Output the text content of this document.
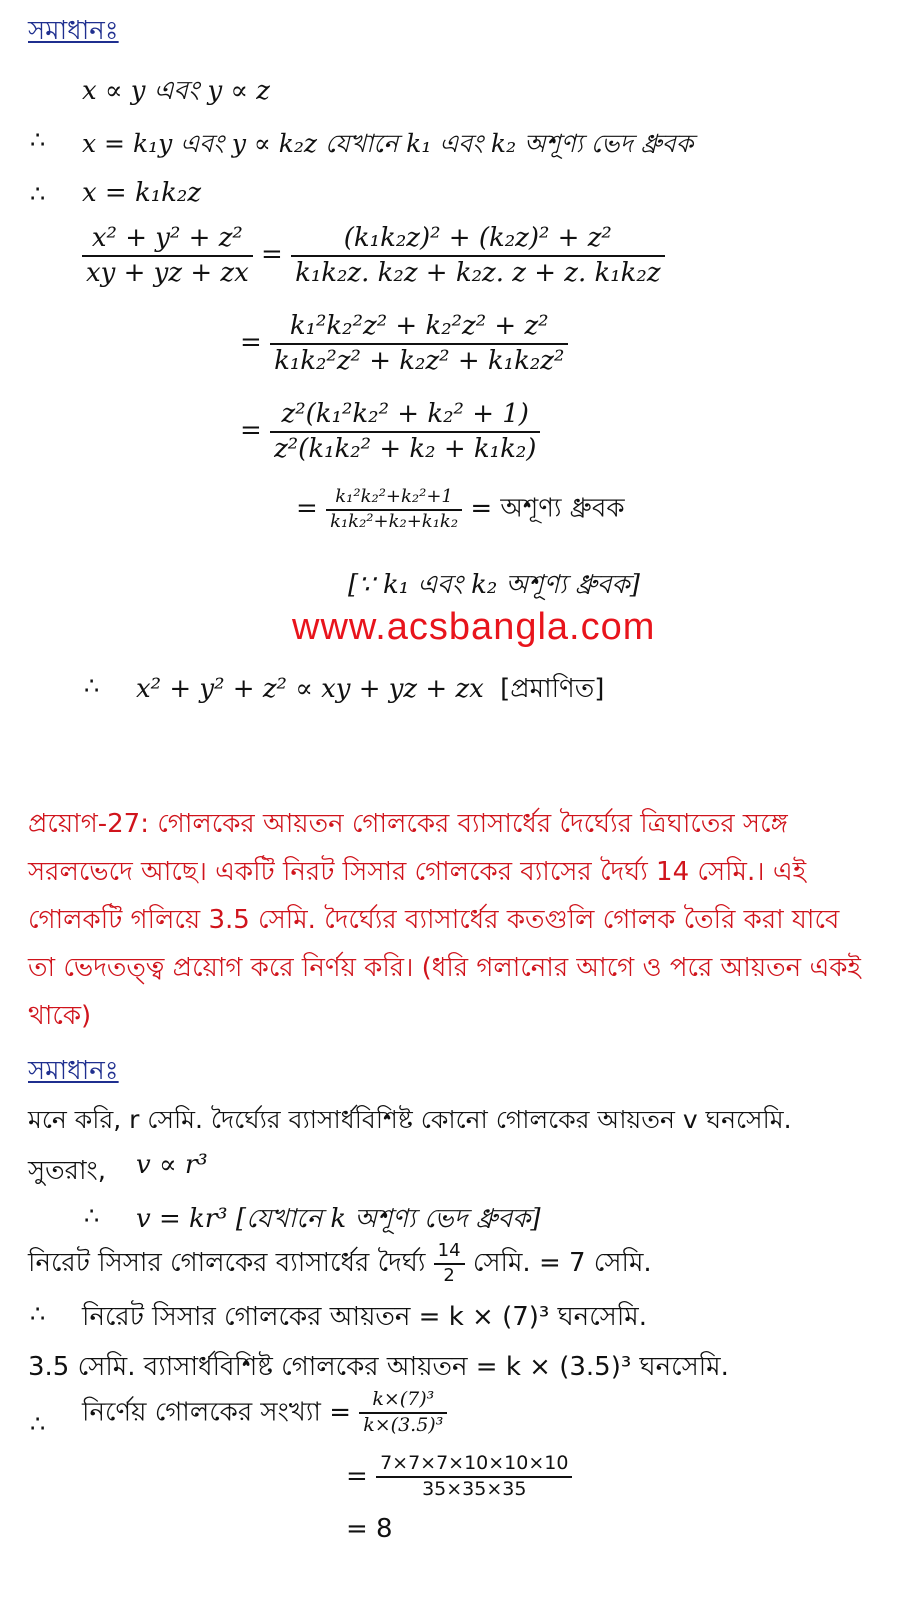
সমাধানঃ
x ∝ y এবং y ∝ z
∴ x = k₁y এবং y ∝ k₂z যেখানে k₁ এবং k₂ অশূণ্য ভেদ ধ্রুবক
∴ x = k₁k₂z
$\frac{\text{x² + y² + z²}}{xy + yz + zx} = \frac{\text{(k₁k₂z)² + (k₂z)² + z²}}{\text{k₁k₂z. k₂z + k₂z. z + z. k₁k₂z}}$
= $\frac{\text{k₁²k₂²z² + k₂²z² + z²}}{\text{k₁k₂²z² + k₂z² + k₁k₂z²}}$
= $\frac{\text{z²(k₁²k₂² + k₂² + 1)}}{\text{z²(k₁k₂² + k₂ + k₁k₂)}}$
= $\frac{\text{k₁²k₂²+k₂²+1}}{\text{k₁k₂²+k₂+k₁k₂}}$ = অশূণ্য ধ্রুবক
[∵ k₁ এবং k₂ অশূণ্য ধ্রুবক]
www.acsbangla.com
∴ x² + y² + z² ∝ xy + yz + zx [প্রমাণিত]
প্রয়োগ-27: গোলকের আয়তন গোলকের ব্যাসার্ধের দৈর্ঘ্যের ত্রিঘাতের সঙ্গে
সরলভেদে আছে। একটি নিরট সিসার গোলকের ব্যাসের দৈর্ঘ্য 14 সেমি.। এই
গোলকটি গলিয়ে 3.5 সেমি. দৈর্ঘ্যের ব্যাসার্ধের কতগুলি গোলক তৈরি করা যাবে
তা ভেদতত্ত্ব প্রয়োগ করে নির্ণয় করি। (ধরি গলানোর আগে ও পরে আয়তন একই
থাকে)
সমাধানঃ
মনে করি, r সেমি. দৈর্ঘ্যের ব্যাসার্ধবিশিষ্ট কোনো গোলকের আয়তন v ঘনসেমি.
সুতরাং, v ∝ r³
∴ v = kr³ [যেখানে k অশূণ্য ভেদ ধ্রুবক]
নিরেট সিসার গোলকের ব্যাসার্ধের দৈর্ঘ্য $\frac{14}{2}$ সেমি. = 7 সেমি.
∴ নিরেট সিসার গোলকের আয়তন = k × (7)³ ঘনসেমি.
3.5 সেমি. ব্যাসার্ধবিশিষ্ট গোলকের আয়তন = k × (3.5)³ ঘনসেমি.
∴ নির্ণেয় গোলকের সংখ্যা = $\frac{\text{k×(7)³}}{\text{k×(3.5)³}}$
= $\frac{7\times 7\times 7\times 10\times 10\times 10}{35\times 35\times 35}$
= 8
